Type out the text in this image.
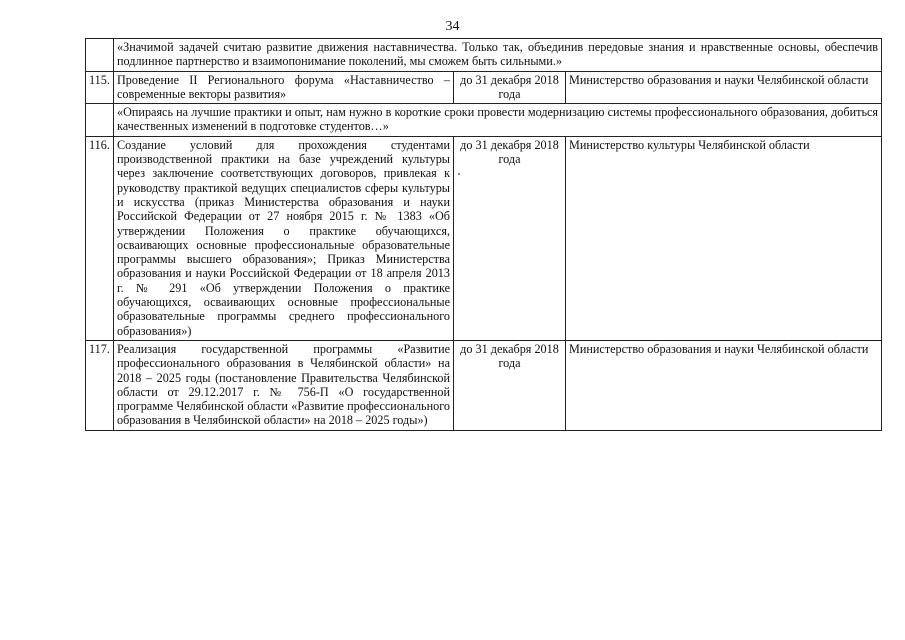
34
	«Значимой задачей считаю развитие движения наставничества. Только так, объединив передовые знания и нравственные основы, обеспечив подлинное партнерство и взаимопонимание поколений, мы сможем быть сильными.»		
115.	Проведение II Регионального форума «Наставничество – современные векторы развития»	до 31 декабря 2018 года	Министерство образования и науки Челябинской области
	«Опираясь на лучшие практики и опыт, нам нужно в короткие сроки провести модернизацию системы профессионального образования, добиться качественных изменений в подготовке студентов…»		
116.	Создание условий для прохождения студентами производственной практики на базе учреждений культуры через заключение соответствующих договоров, привлекая к руководству практикой ведущих специалистов сферы культуры и искусства (приказ Министерства образования и науки Российской Федерации от 27 ноября 2015 г. № 1383 «Об утверждении Положения о практике обучающихся, осваивающих основные профессиональные образовательные программы высшего образования»; Приказ Министерства образования и науки Российской Федерации от 18 апреля 2013 г. № 291 «Об утверждении Положения о практике обучающихся, осваивающих основные профессиональные образовательные программы среднего профессионального образования»)	до 31 декабря 2018 года	Министерство культуры Челябинской области
117.	Реализация государственной программы «Развитие профессионального образования в Челябинской области» на 2018 – 2025 годы (постановление Правительства Челябинской области от 29.12.2017 г. № 756-П «О государственной программе Челябинской области «Развитие профессионального образования в Челябинской области» на 2018 – 2025 годы»)	до 31 декабря 2018 года	Министерство образования и науки Челябинской области
